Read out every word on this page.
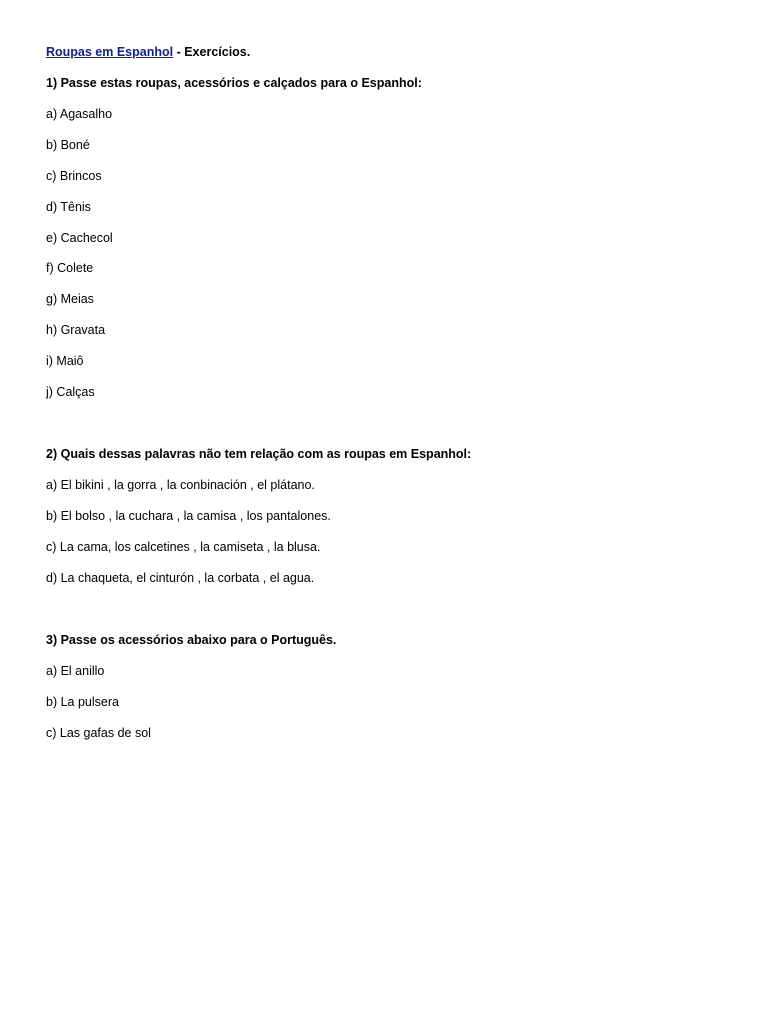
Roupas em Espanhol - Exercícios.
1) Passe estas roupas, acessórios e calçados para o Espanhol:
a) Agasalho
b) Boné
c) Brincos
d) Tênis
e) Cachecol
f) Colete
g) Meias
h) Gravata
i) Maiô
j) Calças
2) Quais dessas palavras não tem relação com as roupas em Espanhol:
a) El bikini , la gorra , la conbinación , el plátano.
b) El bolso , la cuchara , la camisa , los pantalones.
c) La cama, los calcetines , la camiseta , la blusa.
d) La chaqueta, el cinturón , la corbata , el agua.
3) Passe os acessórios abaixo para o Português.
a) El anillo
b) La pulsera
c) Las gafas de sol
